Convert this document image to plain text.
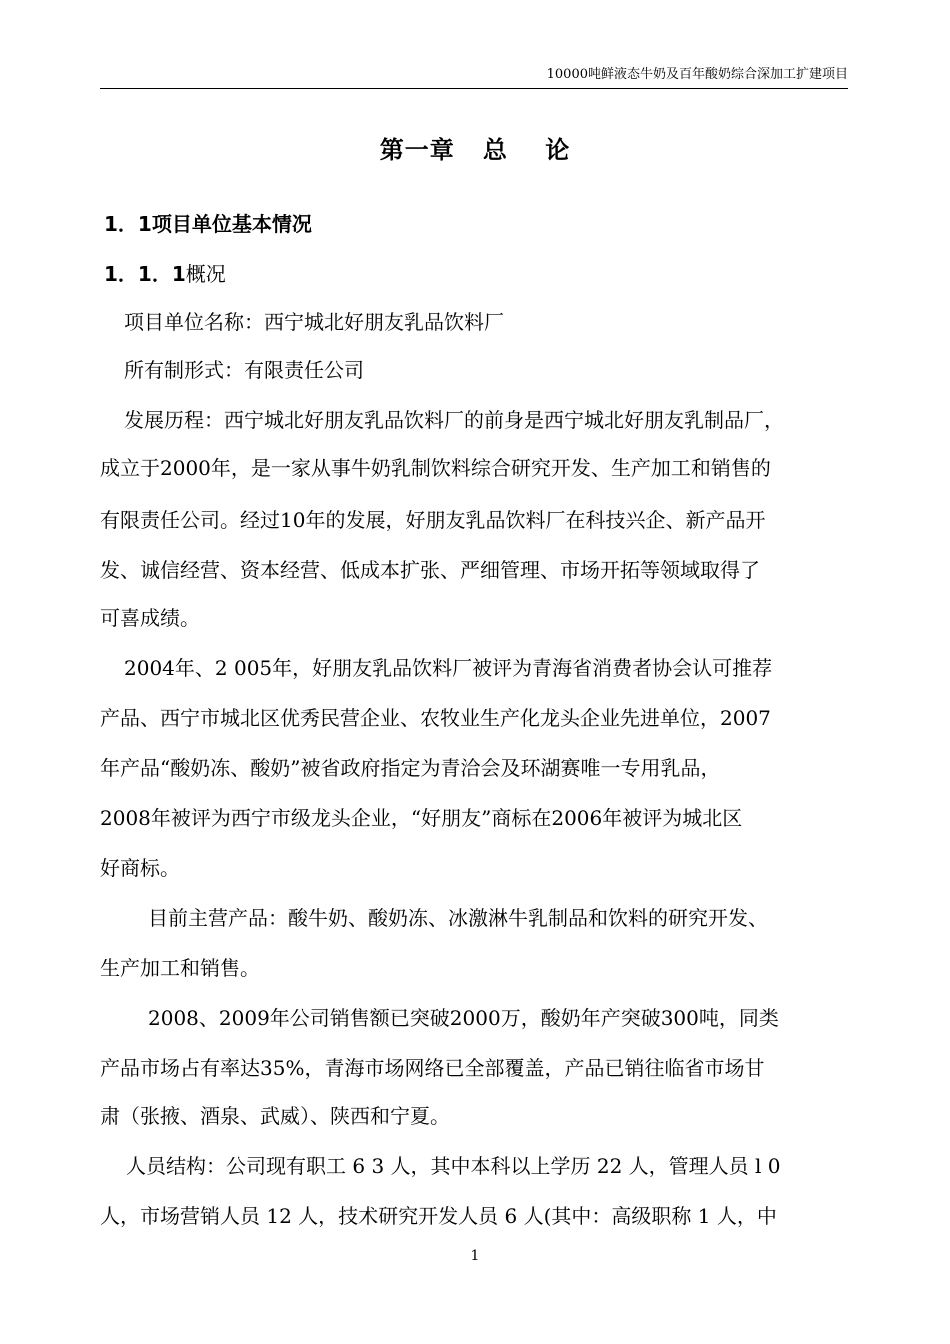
10000吨鲜液态牛奶及百年酸奶综合深加工扩建项目
第一章   总    论
1．1项目单位基本情况
1．1．1概况
项目单位名称：西宁城北好朋友乳品饮料厂
所有制形式：有限责任公司
发展历程：西宁城北好朋友乳品饮料厂的前身是西宁城北好朋友乳制品厂，
成立于2000年，是一家从事牛奶乳制饮料综合研究开发、生产加工和销售的
有限责任公司。经过10年的发展，好朋友乳品饮料厂在科技兴企、新产品开
发、诚信经营、资本经营、低成本扩张、严细管理、市场开拓等领域取得了
可喜成绩。
2004年、2 005年，好朋友乳品饮料厂被评为青海省消费者协会认可推荐
产品、西宁市城北区优秀民营企业、农牧业生产化龙头企业先进单位，2007
年产品“酸奶冻、酸奶”被省政府指定为青洽会及环湖赛唯一专用乳品，
2008年被评为西宁市级龙头企业，“好朋友”商标在2006年被评为城北区
好商标。
目前主营产品：酸牛奶、酸奶冻、冰激淋牛乳制品和饮料的研究开发、
生产加工和销售。
2008、2009年公司销售额已突破2000万，酸奶年产突破300吨，同类
产品市场占有率达35%，青海市场网络已全部覆盖，产品已销往临省市场甘
肃（张掖、酒泉、武威）、陕西和宁夏。
人员结构：公司现有职工 6 3 人，其中本科以上学历 22 人，管理人员 l 0
人，市场营销人员 12 人，技术研究开发人员 6 人(其中：高级职称 1 人，中
1
